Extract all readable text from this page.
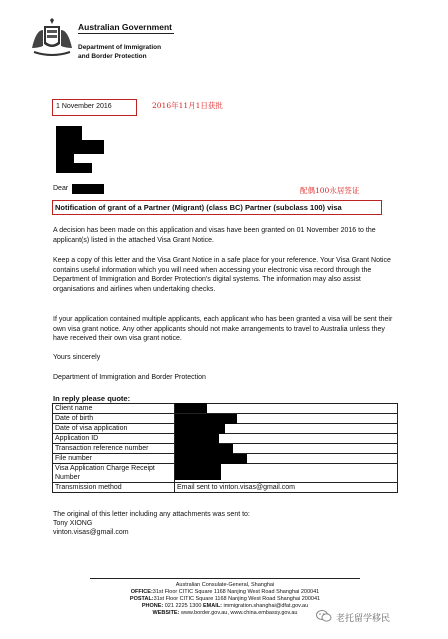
Australian Government
Department of Immigration
and Border Protection
1 November 2016	2016年11月1日获批
Dear	配偶100永居签证
Notification of grant of a Partner (Migrant) (class BC) Partner (subclass 100) visa
A decision has been made on this application and visas have been granted on 01 November 2016 to the applicant(s) listed in the attached Visa Grant Notice.
Keep a copy of this letter and the Visa Grant Notice in a safe place for your reference. Your Visa Grant Notice contains useful information which you will need when accessing your electronic visa record through the Department of Immigration and Border Protection's digital systems. The information may also assist organisations and airlines when undertaking checks.
If your application contained multiple applicants, each applicant who has been granted a visa will be sent their own visa grant notice. Any other applicants should not make arrangements to travel to Australia unless they have received their own visa grant notice.
Yours sincerely
Department of Immigration and Border Protection
In reply please quote:
Client name	

Date of birth	

Date of visa application	

Application ID	

Transaction reference number	

File number	

Visa Application Charge Receipt Number	

Transmission method	Email sent to vinton.visas@gmail.com
The original of this letter including any attachments was sent to:
Tony XIONG
vinton.visas@gmail.com
Australian Consulate-General, Shanghai
OFFICE:31st Floor CITIC Square 1168 Nanjing West Road Shanghai 200041
POSTAL:31st Floor CITIC Square 1168 Nanjing West Road Shanghai 200041
PHONE: 021 2225 1300 EMAIL: immigration.shanghai@dfat.gov.au
WEBSITE: www.border.gov.au, www.china.embassy.gov.au
老托留学移民
